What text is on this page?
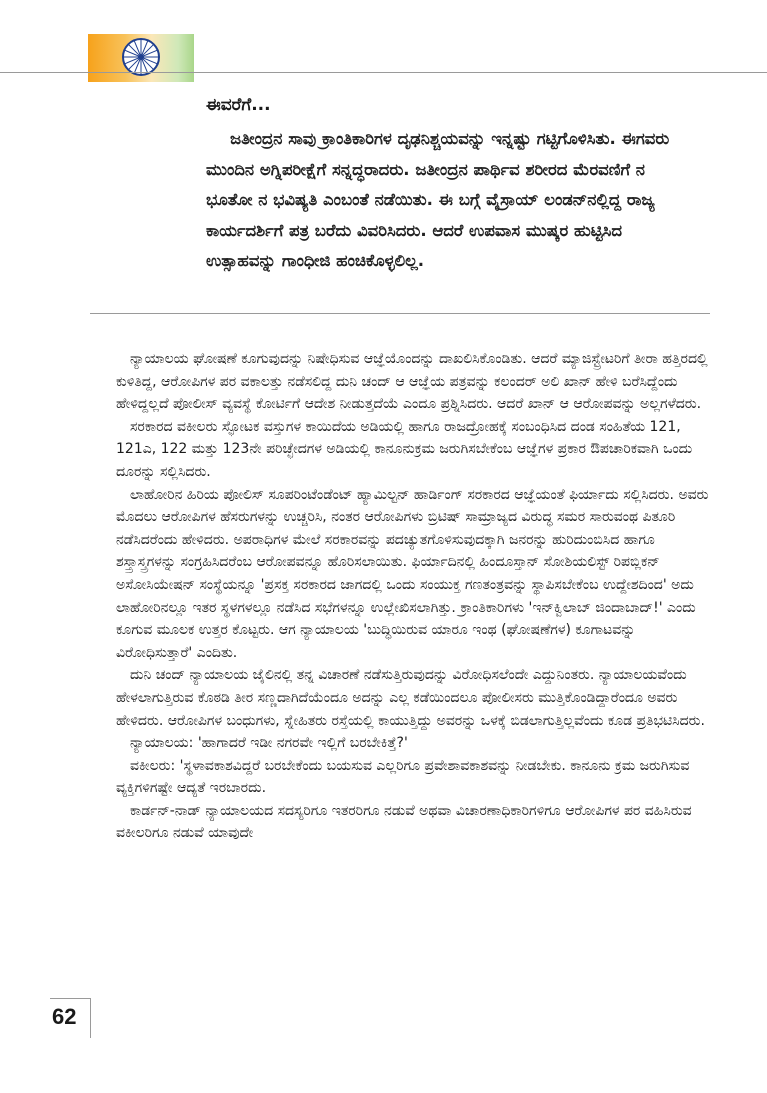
ಈವರೆಗೆ...

ಜತೀಂದ್ರನ ಸಾವು ಕ್ರಾಂತಿಕಾರಿಗಳ ದೃಢನಿಶ್ಚಯವನ್ನು ಇನ್ನಷ್ಟು ಗಟ್ಟಿಗೊಳಿಸಿತು. ಈಗವರು ಮುಂದಿನ ಅಗ್ನಿಪರೀಕ್ಷೆಗೆ ಸನ್ನದ್ಧರಾದರು. ಜತೀಂದ್ರನ ಪಾರ್ಥಿವ ಶರೀರದ ಮೆರವಣಿಗೆ ನ ಭೂತೋ ನ ಭವಿಷ್ಯತಿ ಎಂಬಂತೆ ನಡೆಯಿತು. ಈ ಬಗ್ಗೆ ವೈಸ್ರಾಯ್ ಲಂಡನ್‌ನಲ್ಲಿದ್ದ ರಾಜ್ಯ ಕಾರ್ಯದರ್ಶಿಗೆ ಪತ್ರ ಬರೆದು ವಿವರಿಸಿದರು. ಆದರೆ ಉಪವಾಸ ಮುಷ್ಕರ ಹುಟ್ಟಿಸಿದ ಉತ್ಸಾಹವನ್ನು ಗಾಂಧೀಜಿ ಹಂಚಿಕೊಳ್ಳಲಿಲ್ಲ.

ನ್ಯಾಯಾಲಯ ಘೋಷಣೆ ಕೂಗುವುದನ್ನು ನಿಷೇಧಿಸುವ ಆಜ್ಞೆಯೊಂದನ್ನು ದಾಖಲಿಸಿಕೊಂಡಿತು. ಆದರೆ ಮ್ಯಾಜಿಸ್ಟ್ರೇಟರಿಗೆ ತೀರಾ ಹತ್ತಿರದಲ್ಲಿ ಕುಳಿತಿದ್ದ, ಆರೋಪಿಗಳ ಪರ ವಕಾಲತ್ತು ನಡೆಸಲಿದ್ದ ದುನಿ ಚಂದ್ ಆ ಆಜ್ಞೆಯ ಪತ್ರವನ್ನು ಕಲಂದರ್ ಅಲಿ ಖಾನ್ ಹೇಳಿ ಬರೆಸಿದ್ದೆಂದು ಹೇಳಿದ್ದಲ್ಲದೆ ಪೋಲೀಸ್ ವ್ಯವಸ್ಥೆ ಕೋರ್ಟಿಗೆ ಆದೇಶ ನೀಡುತ್ತದೆಯೆ ಎಂದೂ ಪ್ರಶ್ನಿಸಿದರು. ಆದರೆ ಖಾನ್ ಆ ಆರೋಪವನ್ನು ಅಲ್ಲಗಳೆದರು.

ಸರಕಾರದ ವಕೀಲರು ಸ್ಫೋಟಕ ವಸ್ತುಗಳ ಕಾಯಿದೆಯ ಅಡಿಯಲ್ಲಿ ಹಾಗೂ ರಾಜದ್ರೋಹಕ್ಕೆ ಸಂಬಂಧಿಸಿದ ದಂಡ ಸಂಹಿತೆಯ 121, 121ಎ, 122 ಮತ್ತು 123ನೇ ಪರಿಚ್ಛೇದಗಳ ಅಡಿಯಲ್ಲಿ ಕಾನೂನುಕ್ರಮ ಜರುಗಿಸಬೇಕೆಂಬ ಆಜ್ಞೆಗಳ ಪ್ರಕಾರ ಔಪಚಾರಿಕವಾಗಿ ಒಂದು ದೂರನ್ನು ಸಲ್ಲಿಸಿದರು.

ಲಾಹೋರಿನ ಹಿರಿಯ ಪೋಲಿಸ್ ಸೂಪರಿಂಟೆಂಡೆಂಟ್ ಹ್ಯಾಮಿಲ್ಟನ್ ಹಾರ್ಡಿಂಗ್ ಸರಕಾರದ ಆಜ್ಞೆಯಂತೆ ಫಿರ್ಯಾದು ಸಲ್ಲಿಸಿದರು. ಅವರು ಮೊದಲು ಆರೋಪಿಗಳ ಹೆಸರುಗಳನ್ನು ಉಚ್ಚರಿಸಿ, ನಂತರ ಆರೋಪಿಗಳು ಬ್ರಿಟಿಷ್ ಸಾಮ್ರಾಜ್ಯದ ವಿರುದ್ಧ ಸಮರ ಸಾರುವಂಥ ಪಿತೂರಿ ನಡೆಸಿದರೆಂದು ಹೇಳಿದರು. ಅಪರಾಧಿಗಳ ಮೇಲೆ ಸರಕಾರವನ್ನು ಪದಚ್ಯುತಗೊಳಿಸುವುದಕ್ಕಾಗಿ ಜನರನ್ನು ಹುರಿದುಂಬಿಸಿದ ಹಾಗೂ ಶಸ್ತ್ರಾಸ್ತ್ರಗಳನ್ನು ಸಂಗ್ರಹಿಸಿದರೆಂಬ ಆರೋಪವನ್ನೂ ಹೊರಿಸಲಾಯಿತು. ಫಿರ್ಯಾದಿನಲ್ಲಿ ಹಿಂದೂಸ್ತಾನ್ ಸೋಶಿಯಲಿಸ್ಟ್ ರಿಪಬ್ಲಿಕನ್ ಅಸೋಸಿಯೇಷನ್ ಸಂಸ್ಥೆಯನ್ನೂ 'ಪ್ರಸಕ್ತ ಸರಕಾರದ ಜಾಗದಲ್ಲಿ ಒಂದು ಸಂಯುಕ್ತ ಗಣತಂತ್ರವನ್ನು ಸ್ಥಾಪಿಸಬೇಕೆಂಬ ಉದ್ದೇಶದಿಂದ' ಅದು ಲಾಹೋರಿನಲ್ಲೂ ಇತರ ಸ್ಥಳಗಳಲ್ಲೂ ನಡೆಸಿದ ಸಭೆಗಳನ್ನೂ ಉಲ್ಲೇಖಿಸಲಾಗಿತ್ತು. ಕ್ರಾಂತಿಕಾರಿಗಳು 'ಇನ್‌ಕ್ವಿಲಾಬ್ ಜಿಂದಾಬಾದ್!' ಎಂದು ಕೂಗುವ ಮೂಲಕ ಉತ್ತರ ಕೊಟ್ಟರು. ಆಗ ನ್ಯಾಯಾಲಯ 'ಬುದ್ಧಿಯಿರುವ ಯಾರೂ ಇಂಥ (ಘೋಷಣೆಗಳ) ಕೂಗಾಟವನ್ನು ವಿರೋಧಿಸುತ್ತಾರೆ' ಎಂದಿತು.

ದುನಿ ಚಂದ್ ನ್ಯಾಯಾಲಯ ಜೈಲಿನಲ್ಲಿ ತನ್ನ ವಿಚಾರಣೆ ನಡೆಸುತ್ತಿರುವುದನ್ನು ವಿರೋಧಿಸಲೆಂದೇ ಎದ್ದುನಿಂತರು. ನ್ಯಾಯಾಲಯವೆಂದು ಹೇಳಲಾಗುತ್ತಿರುವ ಕೊಠಡಿ ತೀರ ಸಣ್ಣದಾಗಿದೆಯೆಂದೂ ಅದನ್ನು ಎಲ್ಲ ಕಡೆಯಿಂದಲೂ ಪೋಲೀಸರು ಮುತ್ತಿಕೊಂಡಿದ್ದಾರೆಂದೂ ಅವರು ಹೇಳಿದರು. ಆರೋಪಿಗಳ ಬಂಧುಗಳು, ಸ್ನೇಹಿತರು ರಸ್ತೆಯಲ್ಲಿ ಕಾಯುತ್ತಿದ್ದು ಅವರನ್ನು ಒಳಕ್ಕೆ ಬಿಡಲಾಗುತ್ತಿಲ್ಲವೆಂದು ಕೂಡ ಪ್ರತಿಭಟಿಸಿದರು.

ನ್ಯಾಯಾಲಯ: 'ಹಾಗಾದರೆ ಇಡೀ ನಗರವೇ ಇಲ್ಲಿಗೆ ಬರಬೇಕಿತ್ತೆ?'

ವಕೀಲರು: 'ಸ್ಥಳಾವಕಾಶವಿದ್ದರೆ ಬರಬೇಕೆಂದು ಬಯಸುವ ಎಲ್ಲರಿಗೂ ಪ್ರವೇಶಾವಕಾಶವನ್ನು ನೀಡಬೇಕು. ಕಾನೂನು ಕ್ರಮ ಜರುಗಿಸುವ ವ್ಯಕ್ತಿಗಳಿಗಷ್ಟೇ ಆದ್ಯತೆ ಇರಬಾರದು.

ಕಾರ್ಡನ್-ನಾಡ್ ನ್ಯಾಯಾಲಯದ ಸದಸ್ಯರಿಗೂ ಇತರರಿಗೂ ನಡುವೆ ಅಥವಾ ವಿಚಾರಣಾಧಿಕಾರಿಗಳಿಗೂ ಆರೋಪಿಗಳ ಪರ ವಹಿಸಿರುವ ವಕೀಲರಿಗೂ ನಡುವೆ ಯಾವುದೇ

62
